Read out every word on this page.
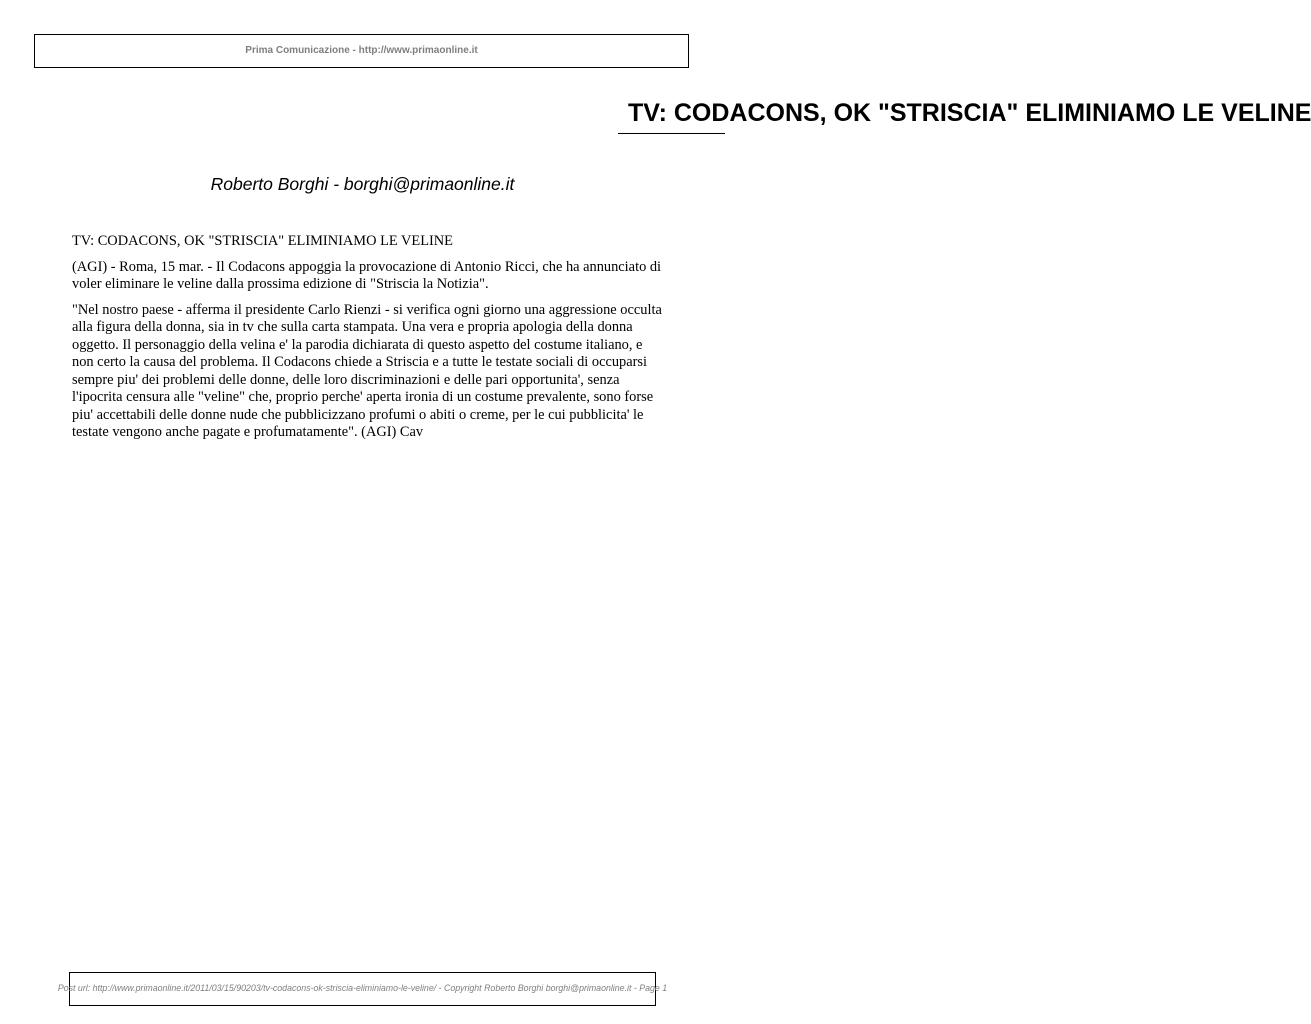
Prima Comunicazione - http://www.primaonline.it
TV: CODACONS, OK "STRISCIA" ELIMINIAMO LE VELINE
Roberto Borghi - borghi@primaonline.it

TV: CODACONS, OK "STRISCIA" ELIMINIAMO LE VELINE

(AGI) - Roma, 15 mar. - Il Codacons appoggia la provocazione di Antonio Ricci, che ha annunciato di voler eliminare le veline dalla prossima edizione di "Striscia la Notizia".

"Nel nostro paese - afferma il presidente Carlo Rienzi - si verifica ogni giorno una aggressione occulta alla figura della donna, sia in tv che sulla carta stampata. Una vera e propria apologia della donna oggetto. Il personaggio della velina e' la parodia dichiarata di questo aspetto del costume italiano, e non certo la causa del problema. Il Codacons chiede a Striscia e a tutte le testate sociali di occuparsi sempre piu' dei problemi delle donne, delle loro discriminazioni e delle pari opportunita', senza l'ipocrita censura alle "veline" che, proprio perche' aperta ironia di un costume prevalente, sono forse piu' accettabili delle donne nude che pubblicizzano profumi o abiti o creme, per le cui pubblicita' le testate vengono anche pagate e profumatamente". (AGI) Cav

Post url: http://www.primaonline.it/2011/03/15/90203/tv-codacons-ok-striscia-eliminiamo-le-veline/ - Copyright Roberto Borghi borghi@primaonline.it - Page 1
